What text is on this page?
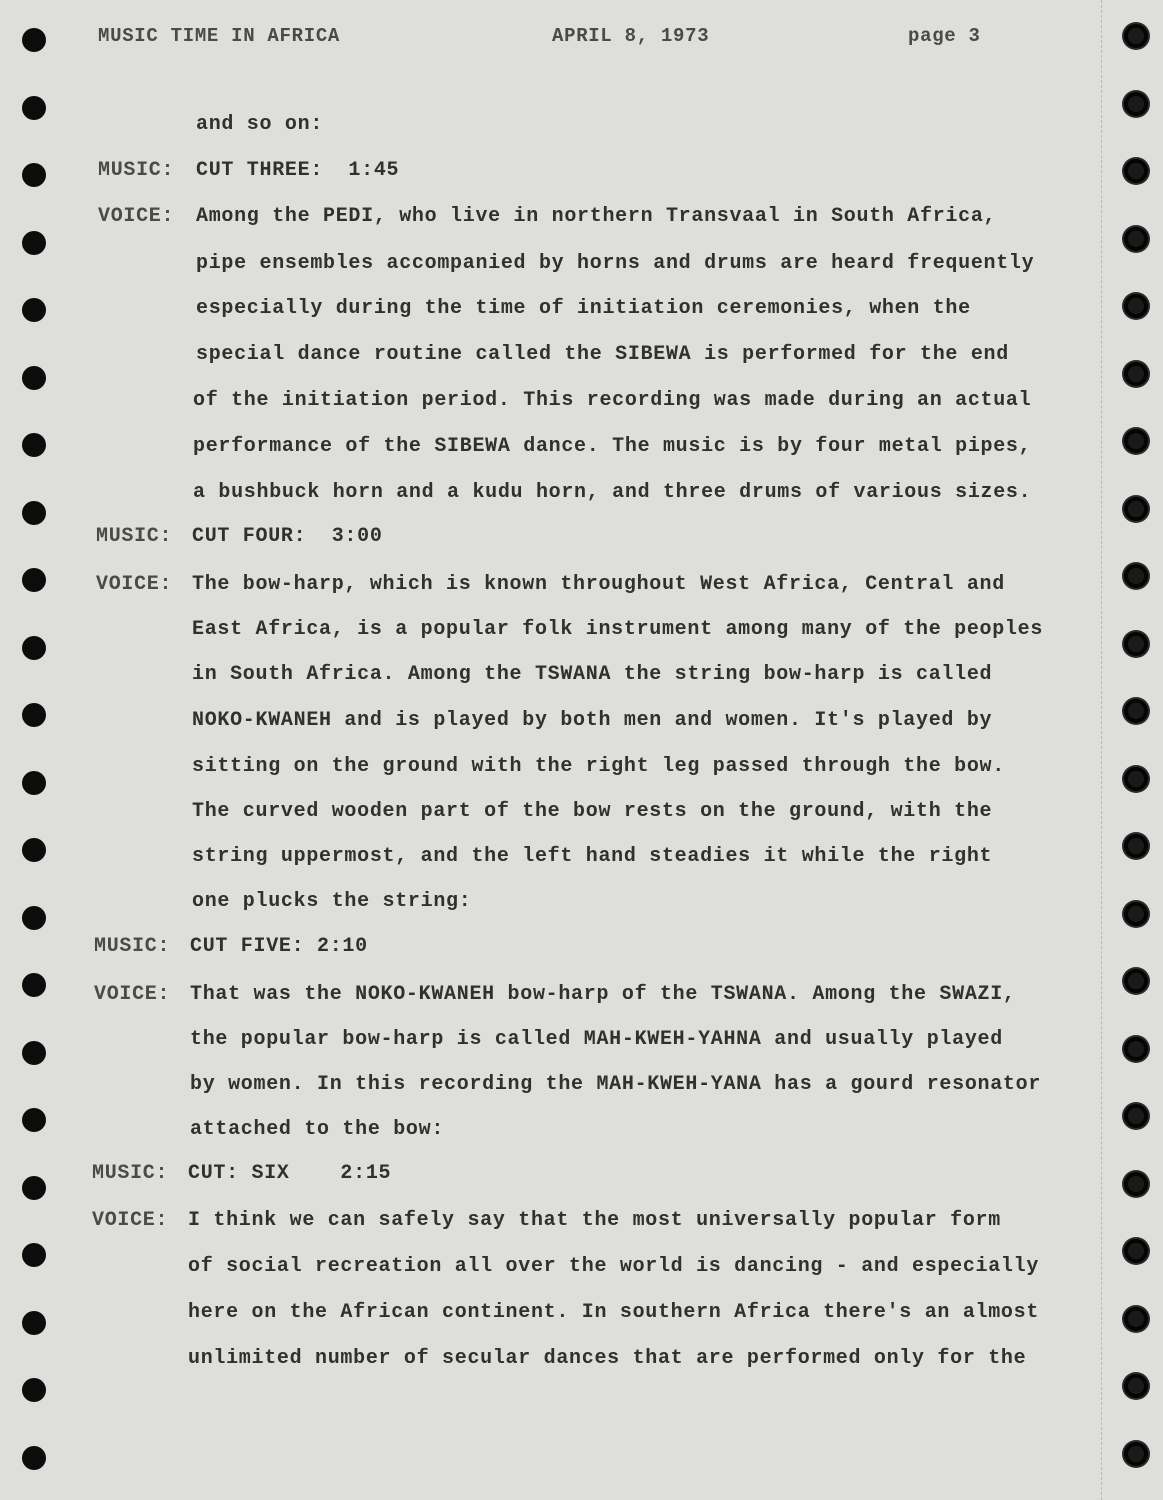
MUSIC TIME IN AFRICA	APRIL 8, 1973	page 3
and so on:
MUSIC: CUT THREE:  1:45
VOICE: Among the PEDI, who live in northern Transvaal in South Africa,
pipe ensembles accompanied by horns and drums are heard frequently
especially during the time of initiation ceremonies, when the
special dance routine called the SIBEWA is performed for the end
of the initiation period. This recording was made during an actual
performance of the SIBEWA dance. The music is by four metal pipes,
a bushbuck horn and a kudu horn, and three drums of various sizes.
MUSIC: CUT FOUR:  3:00
VOICE: The bow-harp, which is known throughout West Africa, Central and
East Africa, is a popular folk instrument among many of the peoples
in South Africa. Among the TSWANA the string bow-harp is called
NOKO-KWANEH and is played by both men and women. It's played by
sitting on the ground with the right leg passed through the bow.
The curved wooden part of the bow rests on the ground, with the
string uppermost, and the left hand steadies it while the right
one plucks the string:
MUSIC: CUT FIVE: 2:10
VOICE: That was the NOKO-KWANEH bow-harp of the TSWANA. Among the SWAZI,
the popular bow-harp is called MAH-KWEH-YAHNA and usually played
by women. In this recording the MAH-KWEH-YANA has a gourd resonator
attached to the bow:
MUSIC: CUT: SIX    2:15
VOICE: I think we can safely say that the most universally popular form
of social recreation all over the world is dancing - and especially
here on the African continent. In southern Africa there's an almost
unlimited number of secular dances that are performed only for the
